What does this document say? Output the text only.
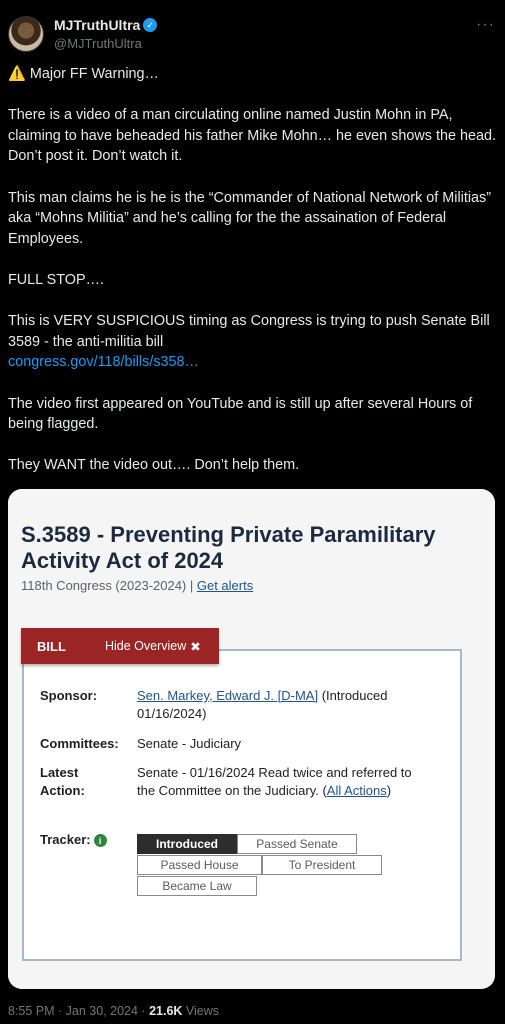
MJTruthUltra ✓
@MJTruthUltra
···

⚠️ Major FF Warning…

There is a video of a man circulating online named Justin Mohn in PA, claiming to have beheaded his father Mike Mohn… he even shows the head. Don’t post it. Don’t watch it.

This man claims he is he is the “Commander of National Network of Militias” aka “Mohns Militia” and he’s calling for the the assaination of Federal Employees.

FULL STOP….

This is VERY SUSPICIOUS timing as Congress is trying to push Senate Bill 3589 - the anti-militia bill
congress.gov/118/bills/s358…

The video first appeared on YouTube and is still up after several Hours of being flagged.

They WANT the video out…. Don’t help them.

S.3589 - Preventing Private Paramilitary Activity Act of 2024
118th Congress (2023-2024) | Get alerts
BILL	Hide Overview ✖
Sponsor:	Sen. Markey, Edward J. [D-MA] (Introduced 01/16/2024)
Committees: Senate - Judiciary
Latest Action:
Senate - 01/16/2024 Read twice and referred to the Committee on the Judiciary. (All Actions)
Tracker: i	Introduced	Passed Senate
Passed House	To President
Became Law
8:55 PM · Jan 30, 2024 · 21.6K Views
